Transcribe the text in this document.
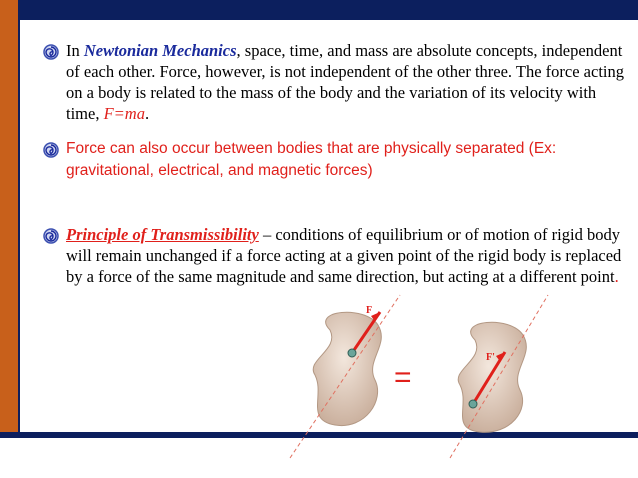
In Newtonian Mechanics, space, time, and mass are absolute concepts, independent of each other. Force, however, is not independent of the other three. The force acting on a body is related to the mass of the body and the variation of its velocity with time, F=ma.
Force can also occur between bodies that are physically separated (Ex: gravitational, electrical, and magnetic forces)
Principle of Transmissibility – conditions of equilibrium or of motion of rigid body will remain unchanged if a force acting at a given point of the rigid body is replaced by a force of the same magnitude and same direction, but acting at a different point.
F
=
F'
